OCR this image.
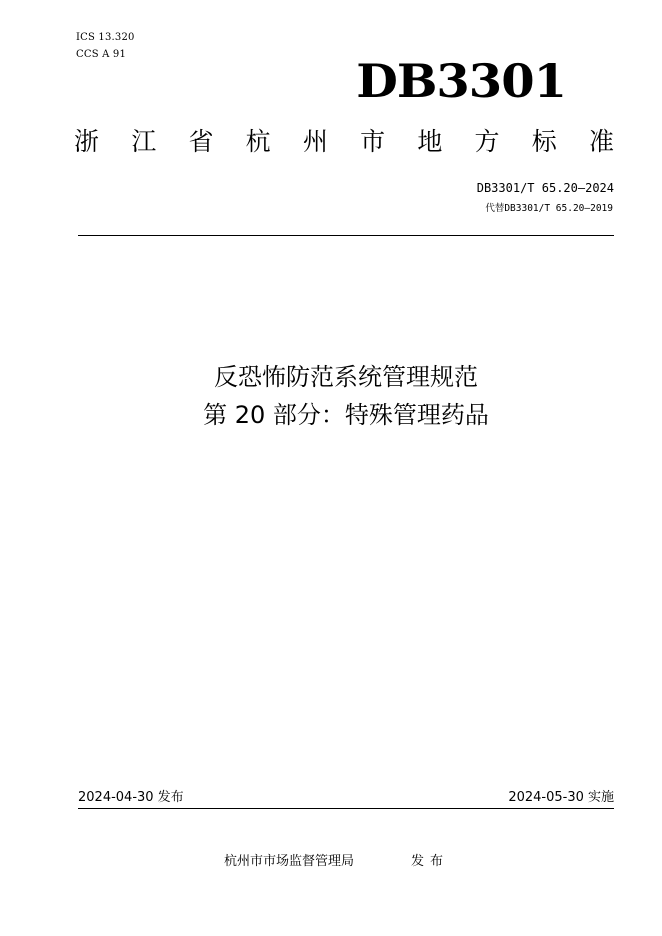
ICS 13.320
CCS A 91
DB3301
浙 江 省 杭 州 市 地 方 标 准
DB3301/T 65.20—2024
代替DB3301/T 65.20—2019
反恐怖防范系统管理规范
第 20 部分：特殊管理药品
2024-04-30 发布	2024-05-30 实施
杭州市市场监督管理局	发布
